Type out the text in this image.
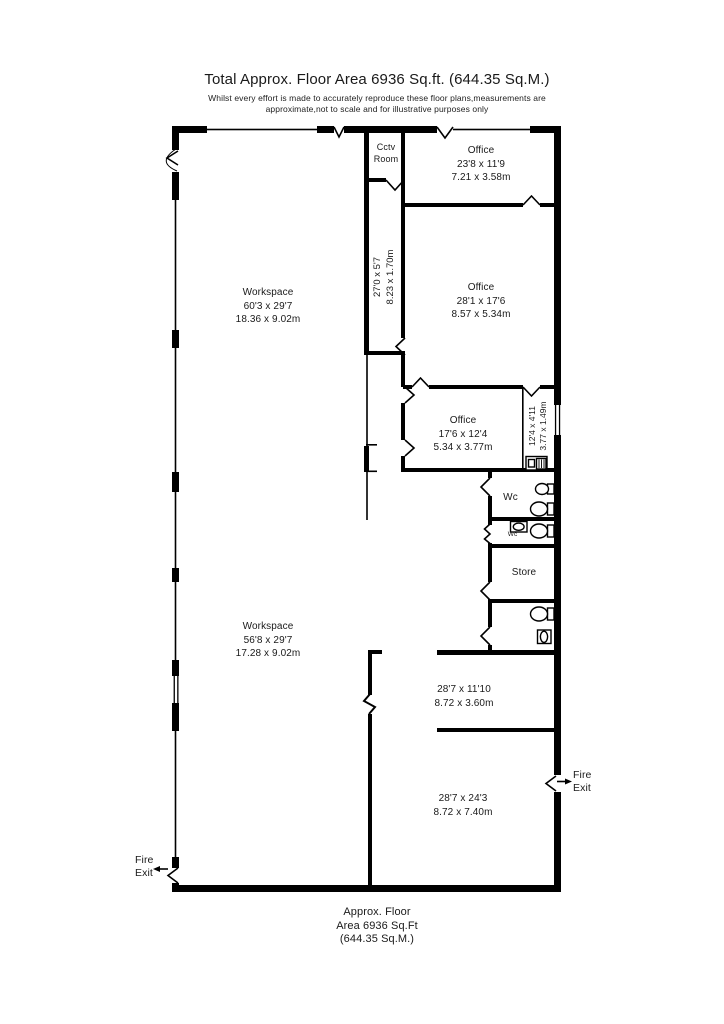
Total Approx. Floor Area 6936 Sq.ft. (644.35 Sq.M.)
Whilst every effort is made to accurately reproduce these floor plans,measurements are
approximate,not to scale and for illustrative purposes only
Cctv
Room
Office
23'8 x 11'9
7.21 x 3.58m
27'0 x 5'7 8.23 x 1.70m	Office
28'1 x 17'6
8.57 x 5.34m
Workspace
60'3 x 29'7
18.36 x 9.02m
Office
17'6 x 12'4
5.34 x 3.77m
12'4 x 4'11 3.77 x 1.49m
Wc
Wc
Store
Workspace
56'8 x 29'7
17.28 x 9.02m
28'7 x 11'10
8.72 x 3.60m
28'7 x 24'3
8.72 x 7.40m
Fire
Exit
Fire
Exit
Approx. Floor
Area 6936 Sq.Ft
(644.35 Sq.M.)
